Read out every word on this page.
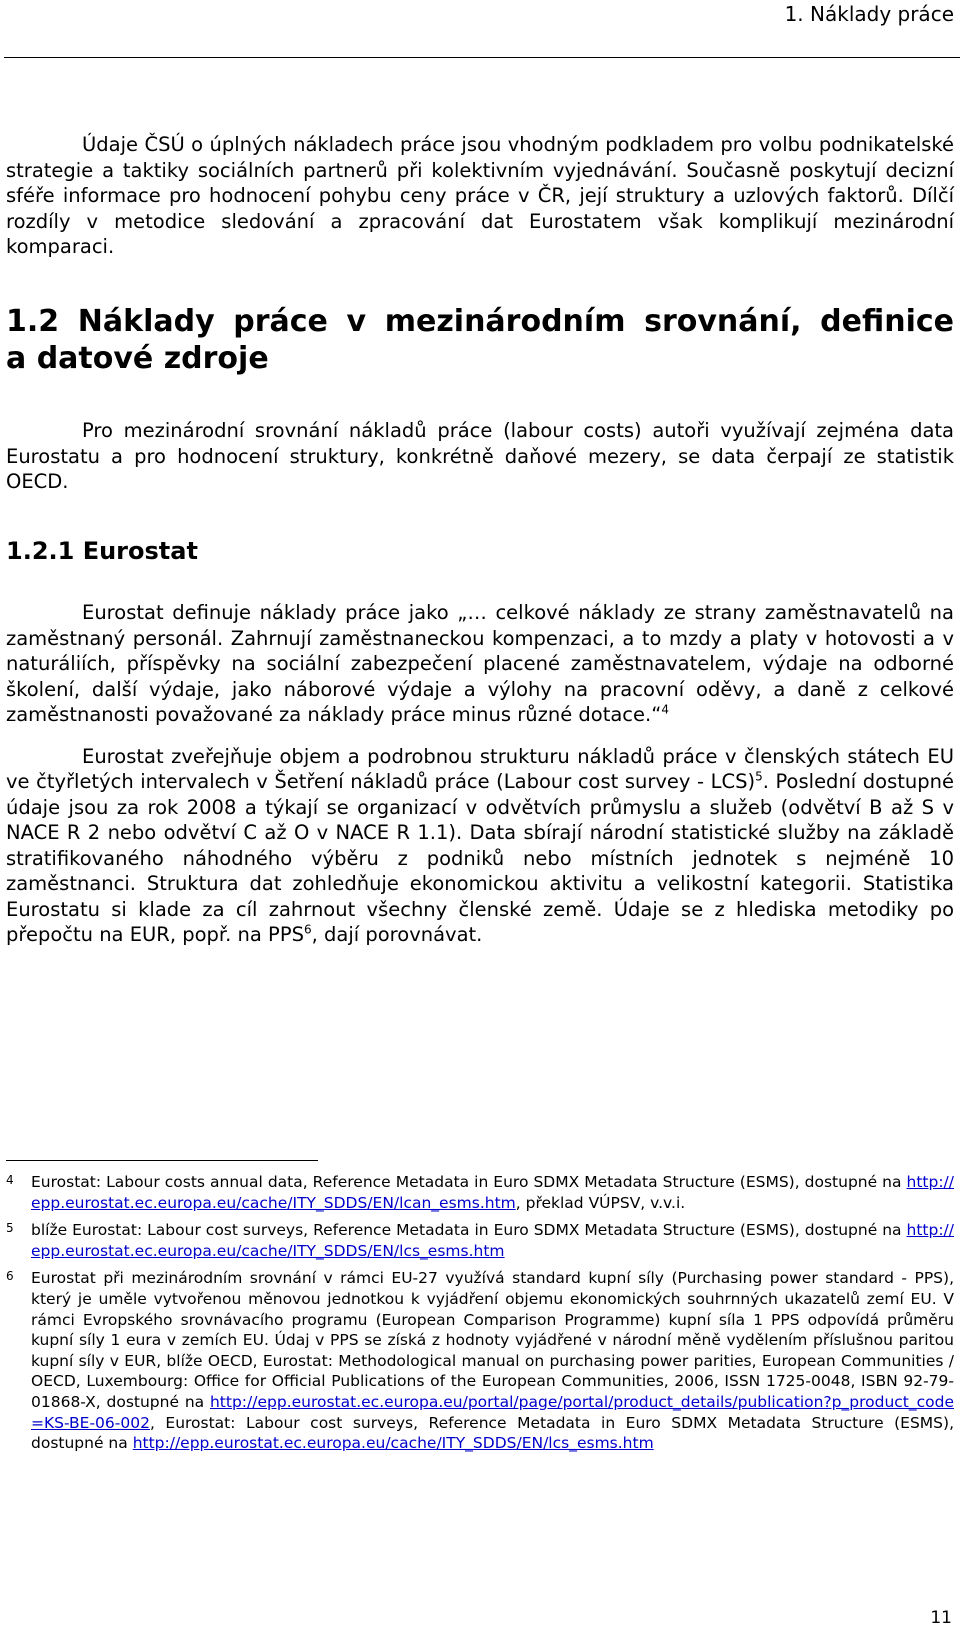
1. Náklady práce

Údaje ČSÚ o úplných nákladech práce jsou vhodným podkladem pro volbu podnikatelské strategie a taktiky sociálních partnerů při kolektivním vyjednávání. Současně poskytují decizní sféře informace pro hodnocení pohybu ceny práce v ČR, její struktury a uzlových faktorů. Dílčí rozdíly v metodice sledování a zpracování dat Eurostatem však komplikují mezinárodní komparaci.

1.2 Náklady práce v mezinárodním srovnání, definice
a datové zdroje

Pro mezinárodní srovnání nákladů práce (labour costs) autoři využívají zejména data Eurostatu a pro hodnocení struktury, konkrétně daňové mezery, se data čerpají ze statistik OECD.

1.2.1 Eurostat

Eurostat definuje náklady práce jako „… celkové náklady ze strany zaměstnavatelů na zaměstnaný personál. Zahrnují zaměstnaneckou kompenzaci, a to mzdy a platy v hotovosti a v naturáliích, příspěvky na sociální zabezpečení placené zaměstnavatelem, výdaje na odborné školení, další výdaje, jako náborové výdaje a výlohy na pracovní oděvy, a daně z celkové zaměstnanosti považované za náklady práce minus různé dotace.“$^4$

Eurostat zveřejňuje objem a podrobnou strukturu nákladů práce v členských státech EU ve čtyřletých intervalech v Šetření nákladů práce (Labour cost survey - LCS)$^5$. Poslední dostupné údaje jsou za rok 2008 a týkají se organizací v odvětvích průmyslu a služeb (odvětví B až S v NACE R 2 nebo odvětví C až O v NACE R 1.1). Data sbírají národní statistické služby na základě stratifikovaného náhodného výběru z podniků nebo místních jednotek s nejméně 10 zaměstnanci. Struktura dat zohledňuje ekonomickou aktivitu a velikostní kategorii. Statistika Eurostatu si klade za cíl zahrnout všechny členské země. Údaje se z hlediska metodiky po přepočtu na EUR, popř. na PPS$^6$, dají porovnávat.

4	Eurostat: Labour costs annual data, Reference Metadata in Euro SDMX Metadata Structure (ESMS), dostupné na http://epp.eurostat.ec.europa.eu/cache/ITY_SDDS/EN/lcan_esms.htm, překlad VÚPSV, v.v.i.
5	blíže Eurostat: Labour cost surveys, Reference Metadata in Euro SDMX Metadata Structure (ESMS), dostupné na http://epp.eurostat.ec.europa.eu/cache/ITY_SDDS/EN/lcs_esms.htm
6	Eurostat při mezinárodním srovnání v rámci EU-27 využívá standard kupní síly (Purchasing power standard - PPS), který je uměle vytvořenou měnovou jednotkou k vyjádření objemu ekonomických souhrnných ukazatelů zemí EU. V rámci Evropského srovnávacího programu (European Comparison Programme) kupní síla 1 PPS odpovídá průměru kupní síly 1 eura v zemích EU. Údaj v PPS se získá z hodnoty vyjádřené v národní měně vydělením příslušnou paritou kupní síly v EUR, blíže OECD, Eurostat: Methodological manual on purchasing power parities, European Communities / OECD, Luxembourg: Office for Official Publications of the European Communities, 2006, ISSN 1725-0048, ISBN 92-79-01868-X, dostupné na http://epp.eurostat.ec.europa.eu/portal/page/portal/product_details/publication?p_product_code=KS-BE-06-002, Eurostat: Labour cost surveys, Reference Metadata in Euro SDMX Metadata Structure (ESMS), dostupné na http://epp.eurostat.ec.europa.eu/cache/ITY_SDDS/EN/lcs_esms.htm
11
